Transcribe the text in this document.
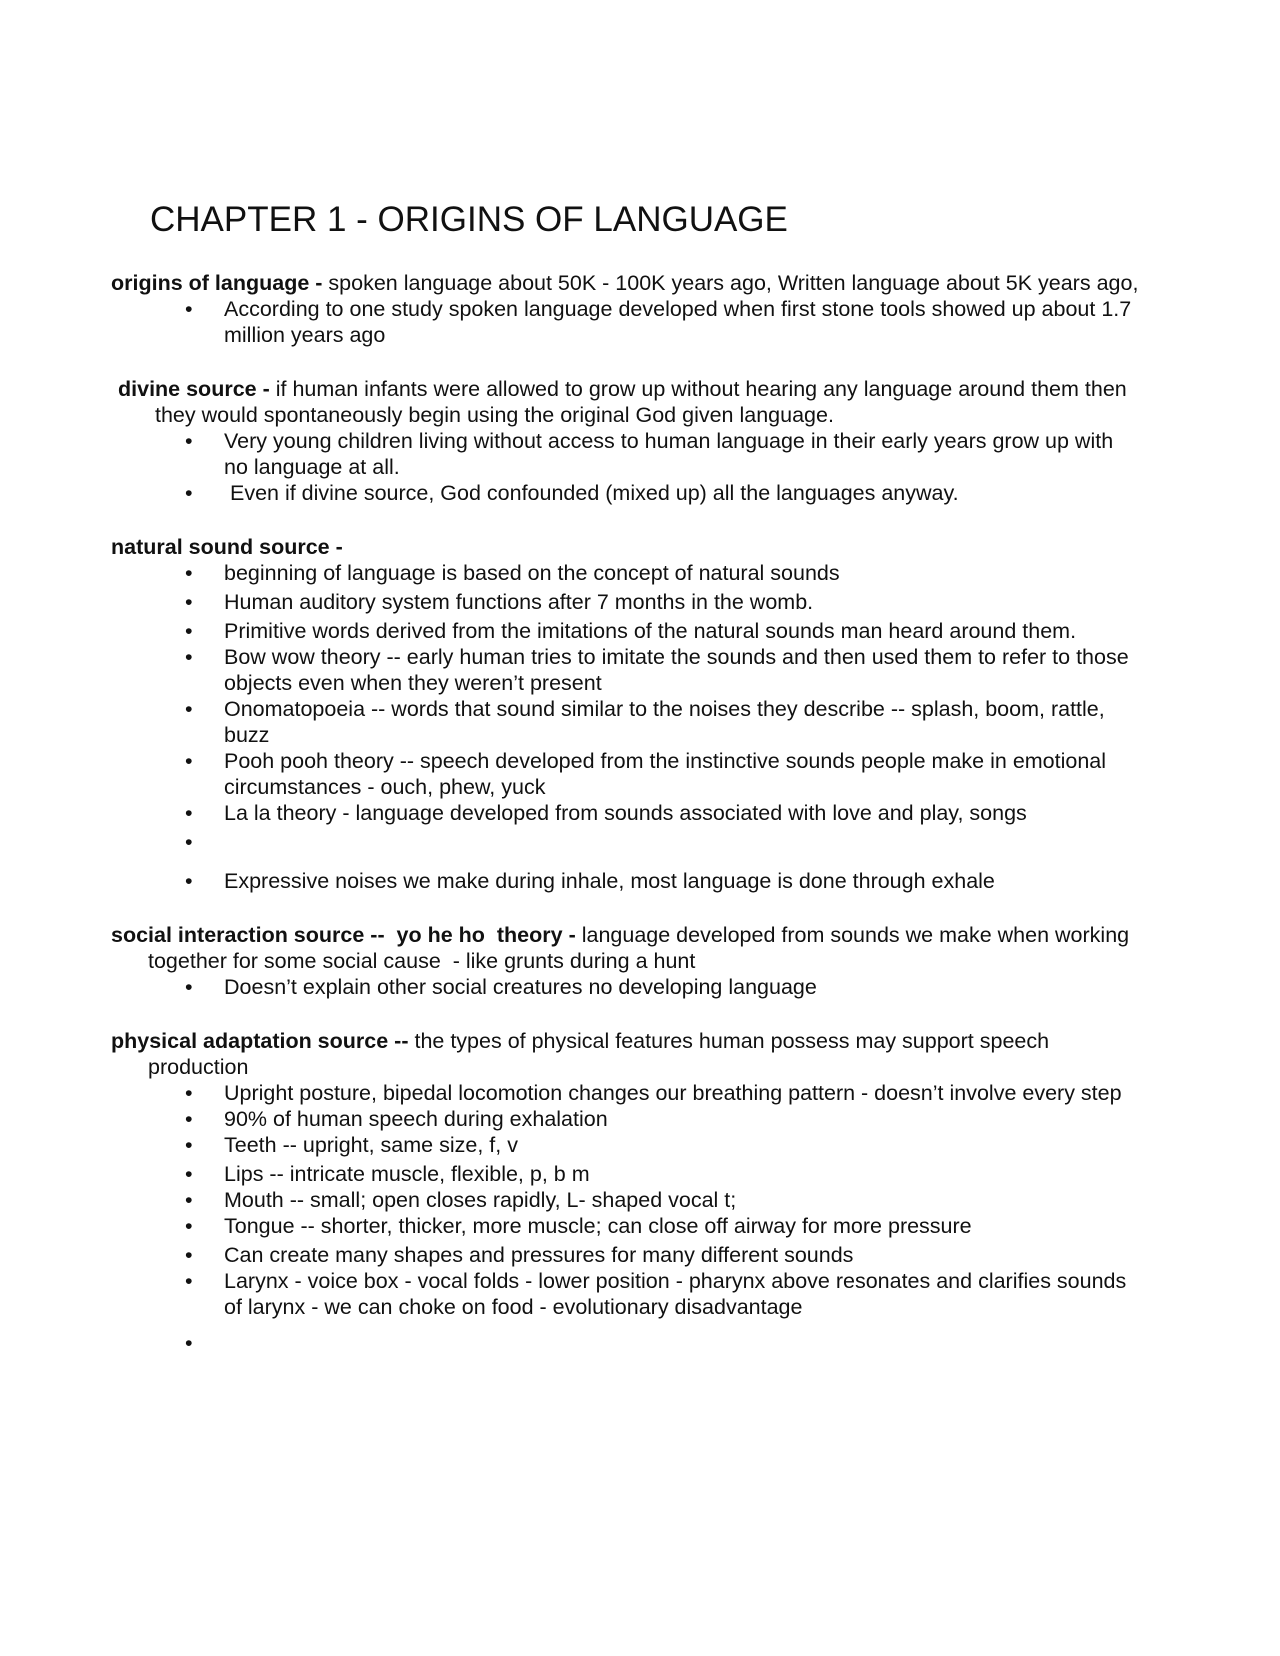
CHAPTER 1 - ORIGINS OF LANGUAGE

origins of language - spoken language about 50K - 100K years ago, Written language about 5K years ago,

• According to one study spoken language developed when first stone tools showed up about 1.7 million years ago

divine source - if human infants were allowed to grow up without hearing any language around them then they would spontaneously begin using the original God given language.

• Very young children living without access to human language in their early years grow up with no language at all.
• Even if divine source, God confounded (mixed up) all the languages anyway.

natural sound source -

• beginning of language is based on the concept of natural sounds
• Human auditory system functions after 7 months in the womb.
• Primitive words derived from the imitations of the natural sounds man heard around them.
• Bow wow theory -- early human tries to imitate the sounds and then used them to refer to those objects even when they weren’t present
• Onomatopoeia -- words that sound similar to the noises they describe -- splash, boom, rattle, buzz
• Pooh pooh theory -- speech developed from the instinctive sounds people make in emotional circumstances - ouch, phew, yuck
• La la theory - language developed from sounds associated with love and play, songs
•
• Expressive noises we make during inhale, most language is done through exhale

social interaction source --  yo he ho  theory - language developed from sounds we make when working together for some social cause  - like grunts during a hunt

• Doesn’t explain other social creatures no developing language

physical adaptation source -- the types of physical features human possess may support speech production

• Upright posture, bipedal locomotion changes our breathing pattern - doesn’t involve every step
• 90% of human speech during exhalation
• Teeth -- upright, same size, f, v
• Lips -- intricate muscle, flexible, p, b m
• Mouth -- small; open closes rapidly, L- shaped vocal t;
• Tongue -- shorter, thicker, more muscle; can close off airway for more pressure
• Can create many shapes and pressures for many different sounds
• Larynx - voice box - vocal folds - lower position - pharynx above resonates and clarifies sounds of larynx - we can choke on food - evolutionary disadvantage
•
